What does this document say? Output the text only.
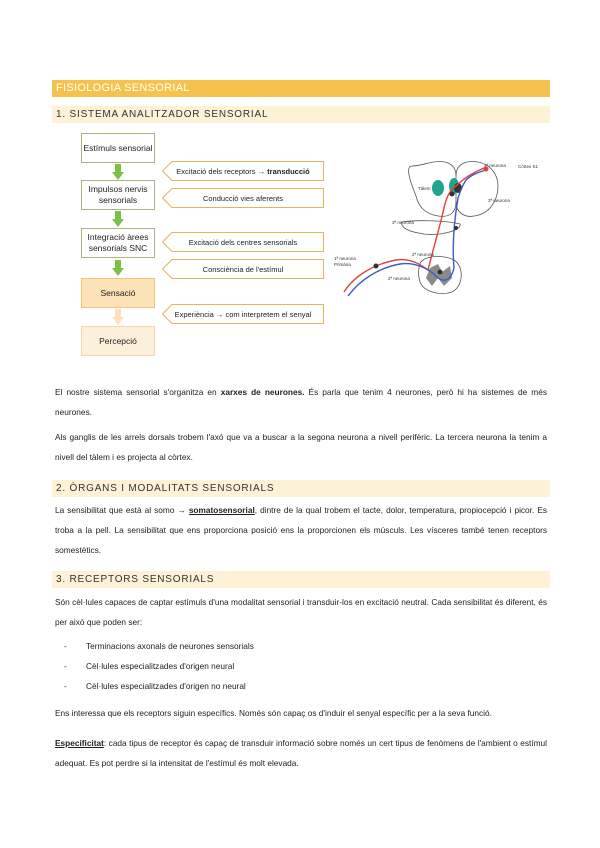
FISIOLOGIA SENSORIAL
1. SISTEMA ANALITZADOR SENSORIAL
Estímuls sensorial
Impulsos nervis sensorials
Integració àrees sensorials SNC
Sensació
Percepció
Excitació dels receptors → transducció
Conducció vies aferents
Excitació dels centres sensorials
Consciència de l'estímul
Experiència → com interpretem el senyal
4ª neurona	Còrtex S1
Tàlem
3ª neurona
3ª neurona
2ª neurona
1ª neurona Primària
2ª neurona
El nostre sistema sensorial s'organitza en xarxes de neurones. És parla que tenim 4 neurones, però hi ha sistemes de més neurones.
Als ganglis de les arrels dorsals trobem l'axó que va a buscar a la segona neurona a nivell perifèric. La tercera neurona la tenim a nivell del tàlem i es projecta al còrtex.
2. ÒRGANS I MODALITATS SENSORIALS
La sensibilitat que està al somo → somatosensorial, dintre de la qual trobem el tacte, dolor, temperatura, propiocepció i picor. Es troba a la pell. La sensibilitat que ens proporciona posició ens la proporcionen els músculs. Les vísceres també tenen receptors somestètics.
3. RECEPTORS SENSORIALS
Són cèl·lules capaces de captar estímuls d'una modalitat sensorial i transduir-los en excitació neutral. Cada sensibilitat és diferent, és per això que poden ser:
- Terminacions axonals de neurones sensorials
- Cèl·lules especialitzades d'origen neural
- Cèl·lules especialitzades d'origen no neural
Ens interessa que els receptors siguin específics. Només són capaç os d'induir el senyal específic per a la seva funció.
Especificitat: cada tipus de receptor és capaç de transduir informació sobre només un cert tipus de fenòmens de l'ambient o estímul adequat. Es pot perdre si la intensitat de l'estímul és molt elevada.
